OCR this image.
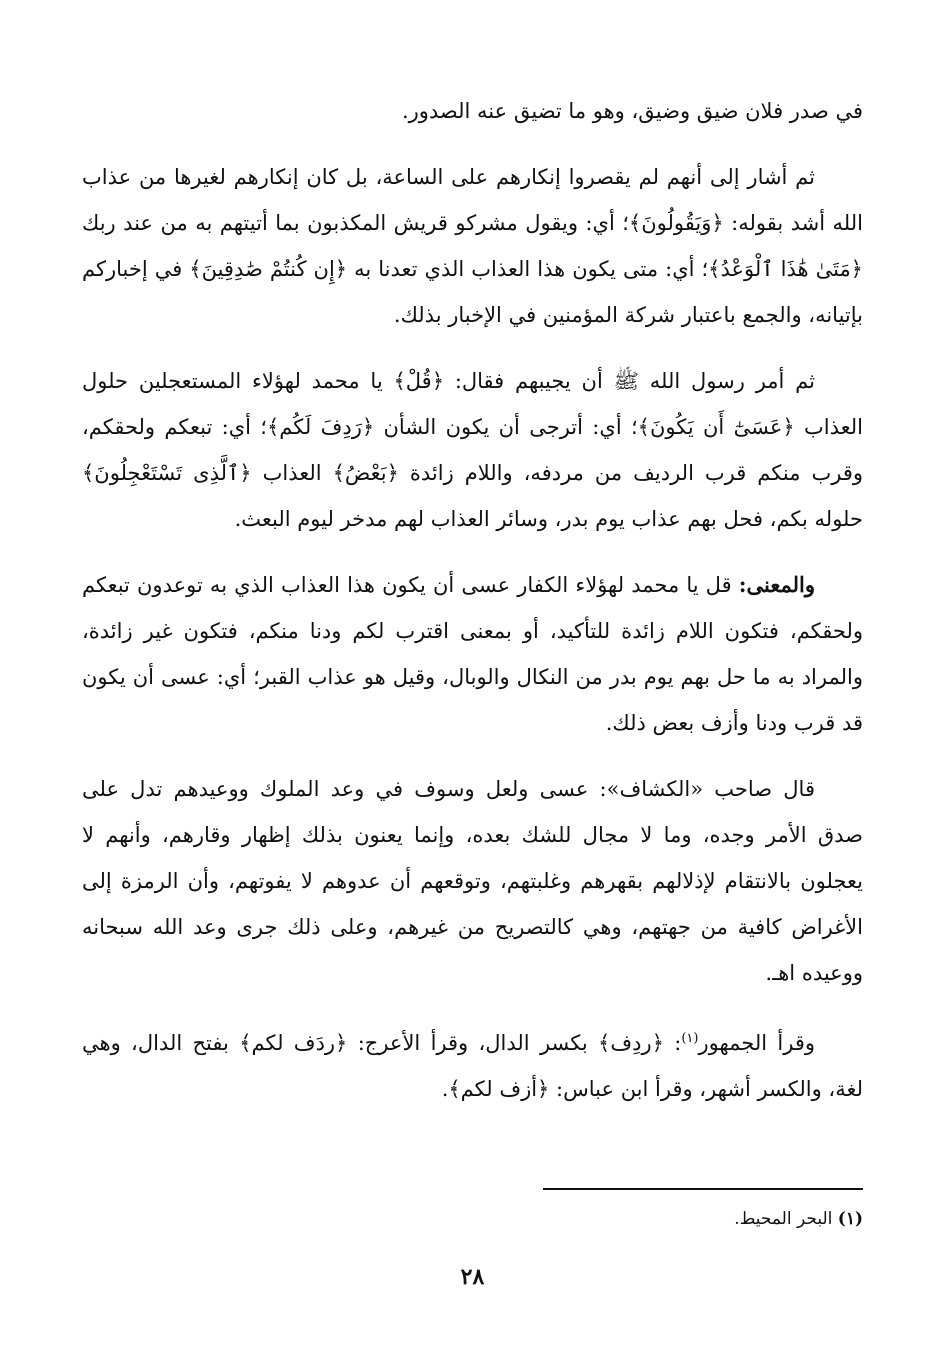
في صدر فلان ضيق وضيق، وهو ما تضيق عنه الصدور.

ثم أشار إلى أنهم لم يقصروا إنكارهم على الساعة، بل كان إنكارهم لغيرها من عذاب الله أشد بقوله: ﴿وَيَقُولُونَ﴾؛ أي: ويقول مشركو قريش المكذبون بما أتيتهم به من عند ربك ﴿مَتَىٰ هَٰذَا ٱلْوَعْدُ﴾؛ أي: متى يكون هذا العذاب الذي تعدنا به ﴿إِن كُنتُمْ صَٰدِقِينَ﴾ في إخباركم بإتيانه، والجمع باعتبار شركة المؤمنين في الإخبار بذلك.

ثم أمر رسول الله ﷺ أن يجيبهم فقال: ﴿قُلْ﴾ يا محمد لهؤلاء المستعجلين حلول العذاب ﴿عَسَىٰٓ أَن يَكُونَ﴾؛ أي: أترجى أن يكون الشأن ﴿رَدِفَ لَكُم﴾؛ أي: تبعكم ولحقكم، وقرب منكم قرب الرديف من مردفه، واللام زائدة ﴿بَعْضُ﴾ العذاب ﴿ٱلَّذِى تَسْتَعْجِلُونَ﴾ حلوله بكم، فحل بهم عذاب يوم بدر، وسائر العذاب لهم مدخر ليوم البعث.

والمعنى: قل يا محمد لهؤلاء الكفار عسى أن يكون هذا العذاب الذي به توعدون تبعكم ولحقكم، فتكون اللام زائدة للتأكيد، أو بمعنى اقترب لكم ودنا منكم، فتكون غير زائدة، والمراد به ما حل بهم يوم بدر من النكال والوبال، وقيل هو عذاب القبر؛ أي: عسى أن يكون قد قرب ودنا وأزف بعض ذلك.

قال صاحب «الكشاف»: عسى ولعل وسوف في وعد الملوك ووعيدهم تدل على صدق الأمر وجده، وما لا مجال للشك بعده، وإنما يعنون بذلك إظهار وقارهم، وأنهم لا يعجلون بالانتقام لإذلالهم بقهرهم وغلبتهم، وتوقعهم أن عدوهم لا يفوتهم، وأن الرمزة إلى الأغراض كافية من جهتهم، وهي كالتصريح من غيرهم، وعلى ذلك جرى وعد الله سبحانه ووعيده اهـ.

وقرأ الجمهور$^{(١)}$: ﴿ردِف﴾ بكسر الدال، وقرأ الأعرج: ﴿ردَف لكم﴾ بفتح الدال، وهي لغة، والكسر أشهر، وقرأ ابن عباس: ﴿أزف لكم﴾.

(١) البحر المحيط.
٢٨
